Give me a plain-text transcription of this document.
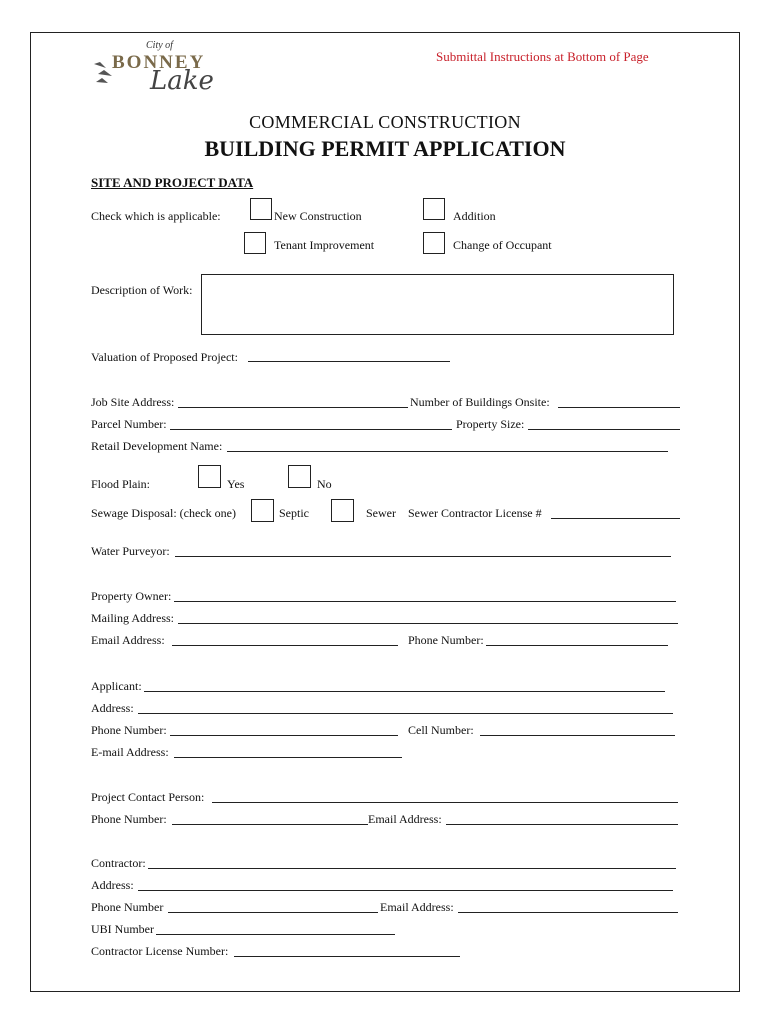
City of
BONNEY
Lake
Submittal Instructions at Bottom of Page
COMMERCIAL CONSTRUCTION
BUILDING PERMIT APPLICATION
SITE AND PROJECT DATA
Check which is applicable:	New Construction	Addition
Tenant Improvement	Change of Occupant
Description of Work:
Valuation of Proposed Project:
Job Site Address:	Number of Buildings Onsite:
Parcel Number:	Property Size:
Retail Development Name:
Flood Plain:	Yes	No
Sewage Disposal: (check one)	Septic	Sewer Sewer Contractor License #
Water Purveyor:
Property Owner:
Mailing Address:
Email Address:	Phone Number:
Applicant:
Address:
Phone Number:	Cell Number:
E-mail Address:
Project Contact Person:
Phone Number:	Email Address:
Contractor:
Address:
Phone Number	Email Address:
UBI Number
Contractor License Number:
